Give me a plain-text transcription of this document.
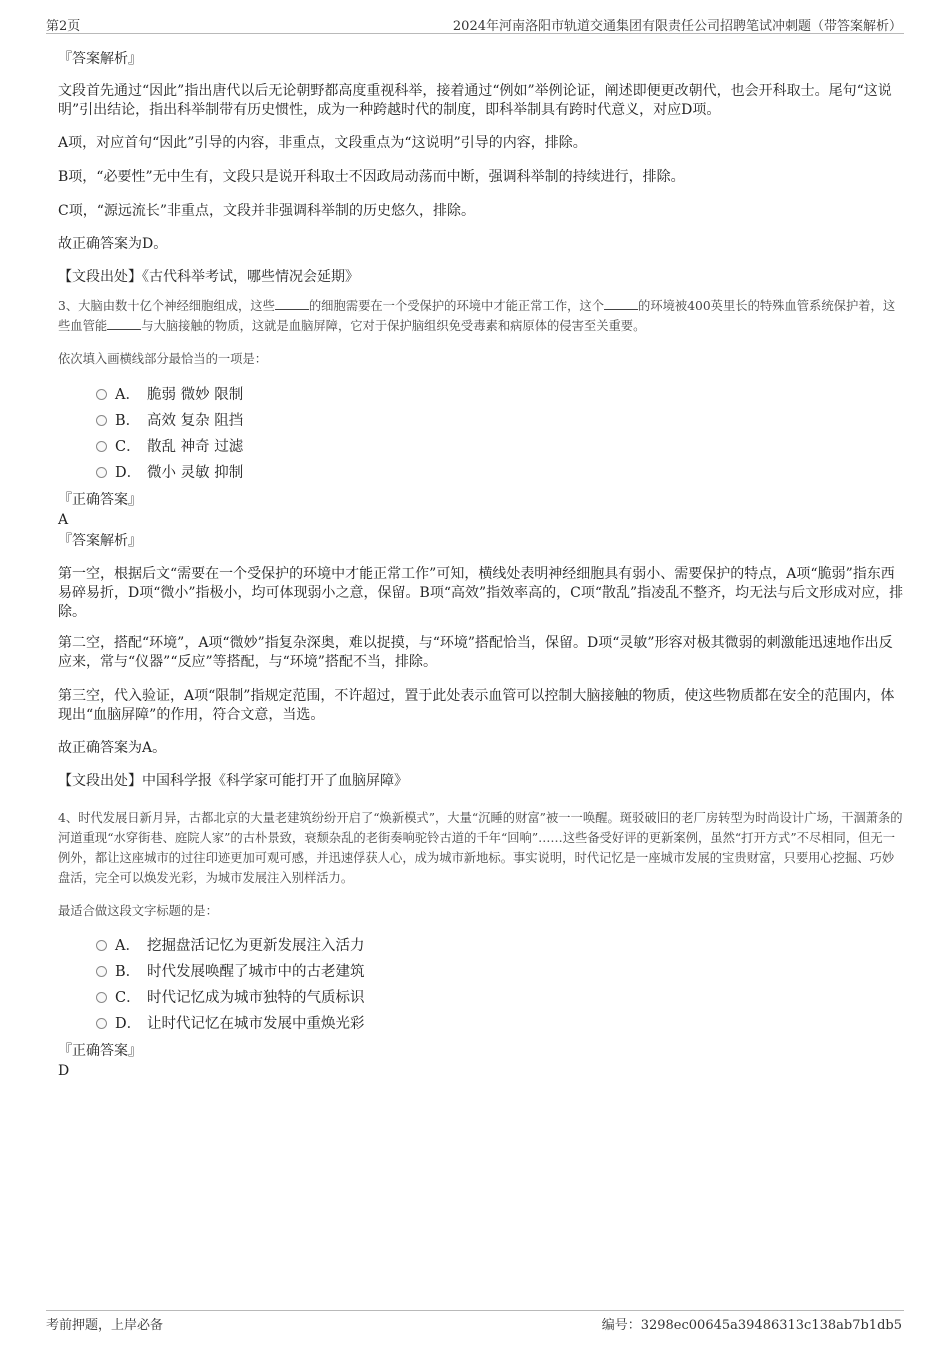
第2页	2024年河南洛阳市轨道交通集团有限责任公司招聘笔试冲刺题（带答案解析）
『答案解析』
文段首先通过“因此”指出唐代以后无论朝野都高度重视科举，接着通过“例如”举例论证，阐述即便更改朝代，也会开科取士。尾句“这说明”引出结论，指出科举制带有历史惯性，成为一种跨越时代的制度，即科举制具有跨时代意义，对应D项。
A项，对应首句“因此”引导的内容，非重点，文段重点为“这说明”引导的内容，排除。
B项，“必要性”无中生有，文段只是说开科取士不因政局动荡而中断，强调科举制的持续进行，排除。
C项，“源远流长”非重点，文段并非强调科举制的历史悠久，排除。
故正确答案为D。
【文段出处】《古代科举考试，哪些情况会延期》
3、大脑由数十亿个神经细胞组成，这些	的细胞需要在一个受保护的环境中才能正常工作，这个	的环境被400英里长的特殊血管系统保护着，这些血管能	与大脑接触的物质，这就是血脑屏障，它对于保护脑组织免受毒素和病原体的侵害至关重要。
依次填入画横线部分最恰当的一项是：
A． 脆弱 微妙 限制
B． 高效 复杂 阻挡
C． 散乱 神奇 过滤
D． 微小 灵敏 抑制
『正确答案』
A
『答案解析』
第一空，根据后文“需要在一个受保护的环境中才能正常工作”可知，横线处表明神经细胞具有弱小、需要保护的特点，A项“脆弱”指东西易碎易折，D项“微小”指极小，均可体现弱小之意，保留。B项“高效”指效率高的，C项“散乱”指凌乱不整齐，均无法与后文形成对应，排除。
第二空，搭配“环境”，A项“微妙”指复杂深奥，难以捉摸，与“环境”搭配恰当，保留。D项“灵敏”形容对极其微弱的刺激能迅速地作出反应来，常与“仪器”“反应”等搭配，与“环境”搭配不当，排除。
第三空，代入验证，A项“限制”指规定范围，不许超过，置于此处表示血管可以控制大脑接触的物质，使这些物质都在安全的范围内，体现出“血脑屏障”的作用，符合文意，当选。
故正确答案为A。
【文段出处】中国科学报《科学家可能打开了血脑屏障》
4、时代发展日新月异，古都北京的大量老建筑纷纷开启了“焕新模式”，大量“沉睡的财富”被一一唤醒。斑驳破旧的老厂房转型为时尚设计广场，干涸萧条的河道重现“水穿街巷、庭院人家”的古朴景致，衰颓杂乱的老街奏响驼铃古道的千年“回响”……这些备受好评的更新案例，虽然“打开方式”不尽相同，但无一例外，都让这座城市的过往印迹更加可观可感，并迅速俘获人心，成为城市新地标。事实说明，时代记忆是一座城市发展的宝贵财富，只要用心挖掘、巧妙盘活，完全可以焕发光彩，为城市发展注入别样活力。
最适合做这段文字标题的是：
A． 挖掘盘活记忆为更新发展注入活力
B． 时代发展唤醒了城市中的古老建筑
C． 时代记忆成为城市独特的气质标识
D． 让时代记忆在城市发展中重焕光彩
『正确答案』
D
考前押题，上岸必备	编号：3298ec00645a39486313c138ab7b1db5
